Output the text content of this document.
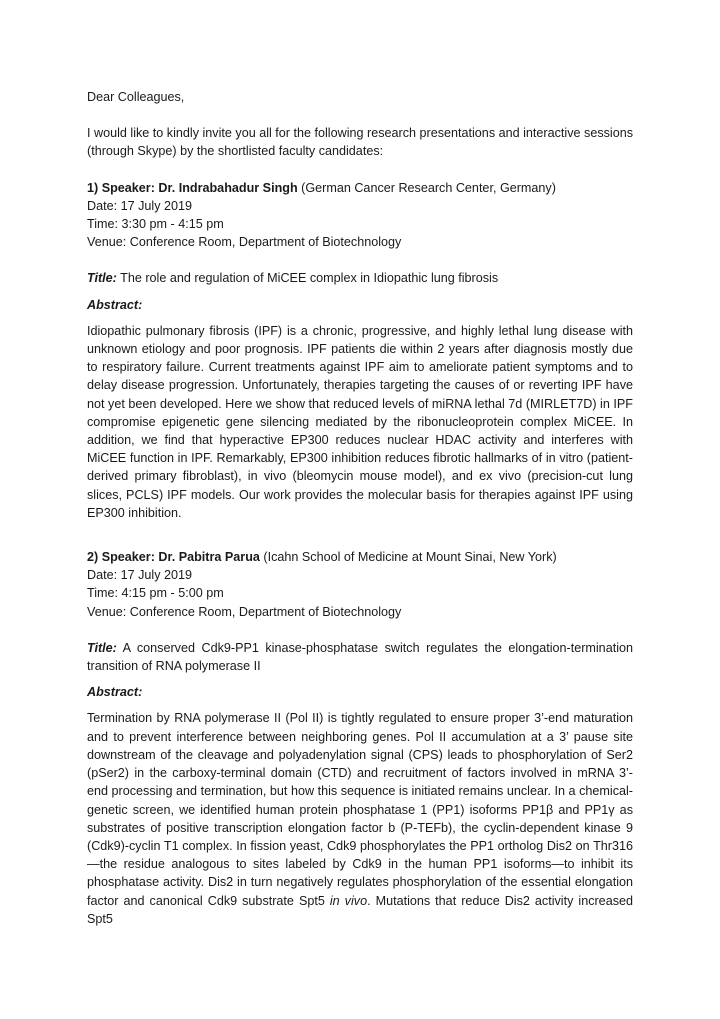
Dear Colleagues,

I would like to kindly invite you all for the following research presentations and interactive sessions (through Skype) by the shortlisted faculty candidates:

1) Speaker: Dr. Indrabahadur Singh (German Cancer Research Center, Germany)

Date: 17 July 2019

Time: 3:30 pm - 4:15 pm

Venue: Conference Room, Department of Biotechnology

Title: The role and regulation of MiCEE complex in Idiopathic lung fibrosis

Abstract:

Idiopathic pulmonary fibrosis (IPF) is a chronic, progressive, and highly lethal lung disease with unknown etiology and poor prognosis. IPF patients die within 2 years after diagnosis mostly due to respiratory failure. Current treatments against IPF aim to ameliorate patient symptoms and to delay disease progression. Unfortunately, therapies targeting the causes of or reverting IPF have not yet been developed. Here we show that reduced levels of miRNA lethal 7d (MIRLET7D) in IPF compromise epigenetic gene silencing mediated by the ribonucleoprotein complex MiCEE. In addition, we find that hyperactive EP300 reduces nuclear HDAC activity and interferes with MiCEE function in IPF. Remarkably, EP300 inhibition reduces fibrotic hallmarks of in vitro (patient-derived primary fibroblast), in vivo (bleomycin mouse model), and ex vivo (precision-cut lung slices, PCLS) IPF models. Our work provides the molecular basis for therapies against IPF using EP300 inhibition.

2) Speaker: Dr. Pabitra Parua (Icahn School of Medicine at Mount Sinai, New York)

Date: 17 July 2019

Time: 4:15 pm - 5:00 pm

Venue: Conference Room, Department of Biotechnology

Title: A conserved Cdk9-PP1 kinase-phosphatase switch regulates the elongation-termination transition of RNA polymerase II

Abstract:

Termination by RNA polymerase II (Pol II) is tightly regulated to ensure proper 3’-end maturation and to prevent interference between neighboring genes. Pol II accumulation at a 3’ pause site downstream of the cleavage and polyadenylation signal (CPS) leads to phosphorylation of Ser2 (pSer2) in the carboxy-terminal domain (CTD) and recruitment of factors involved in mRNA 3’- end processing and termination, but how this sequence is initiated remains unclear. In a chemical-genetic screen, we identified human protein phosphatase 1 (PP1) isoforms PP1β and PP1γ as substrates of positive transcription elongation factor b (P-TEFb), the cyclin-dependent kinase 9 (Cdk9)-cyclin T1 complex. In fission yeast, Cdk9 phosphorylates the PP1 ortholog Dis2 on Thr316—the residue analogous to sites labeled by Cdk9 in the human PP1 isoforms—to inhibit its phosphatase activity. Dis2 in turn negatively regulates phosphorylation of the essential elongation factor and canonical Cdk9 substrate Spt5 in vivo. Mutations that reduce Dis2 activity increased Spt5
